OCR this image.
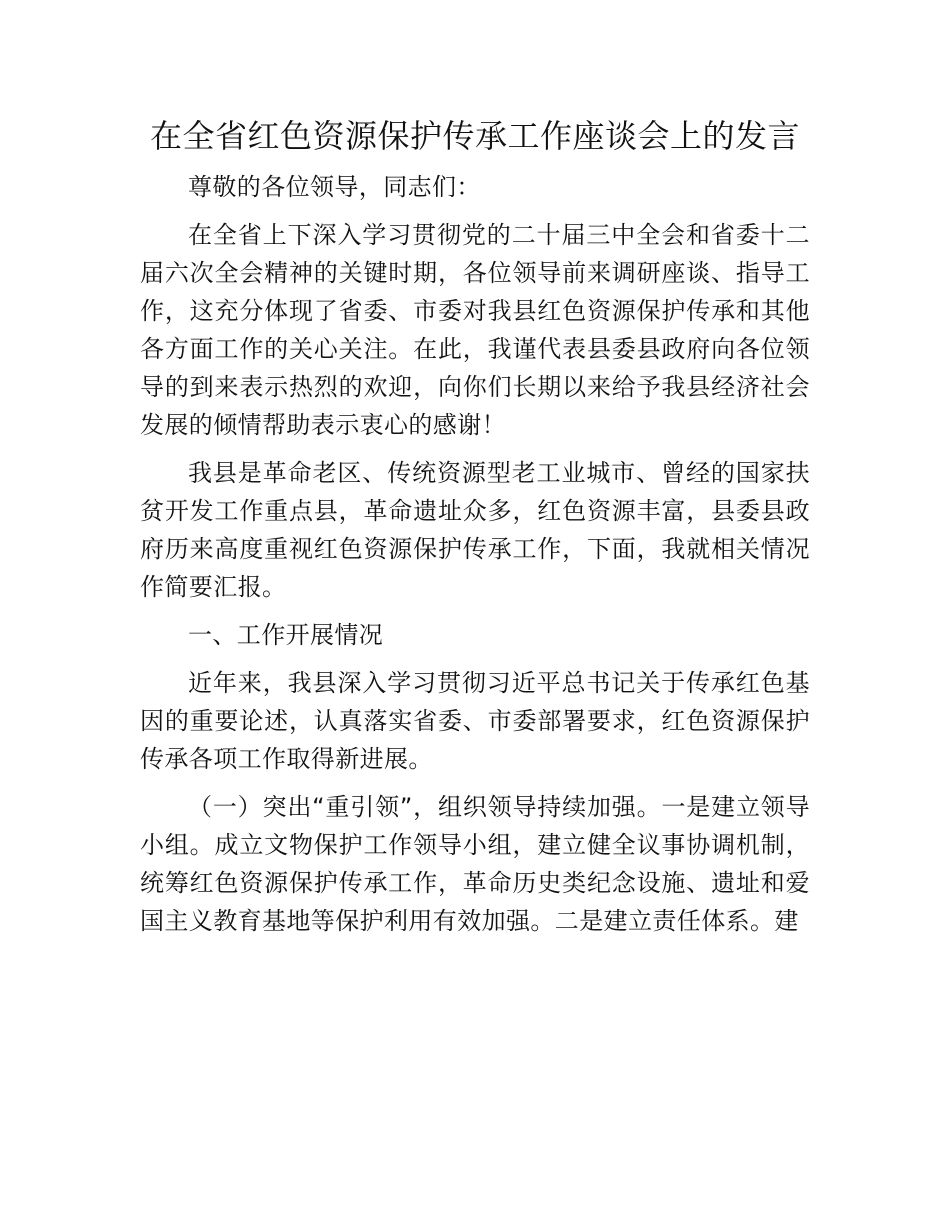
在全省红色资源保护传承工作座谈会上的发言

尊敬的各位领导，同志们：

在全省上下深入学习贯彻党的二十届三中全会和省委十二届六次全会精神的关键时期，各位领导前来调研座谈、指导工作，这充分体现了省委、市委对我县红色资源保护传承和其他各方面工作的关心关注。在此，我谨代表县委县政府向各位领导的到来表示热烈的欢迎，向你们长期以来给予我县经济社会发展的倾情帮助表示衷心的感谢！

我县是革命老区、传统资源型老工业城市、曾经的国家扶贫开发工作重点县，革命遗址众多，红色资源丰富，县委县政府历来高度重视红色资源保护传承工作，下面，我就相关情况作简要汇报。

一、工作开展情况

近年来，我县深入学习贯彻习近平总书记关于传承红色基因的重要论述，认真落实省委、市委部署要求，红色资源保护传承各项工作取得新进展。

（一）突出“重引领”，组织领导持续加强。一是建立领导小组。成立文物保护工作领导小组，建立健全议事协调机制，统筹红色资源保护传承工作，革命历史类纪念设施、遗址和爱国主义教育基地等保护利用有效加强。二是建立责任体系。建
